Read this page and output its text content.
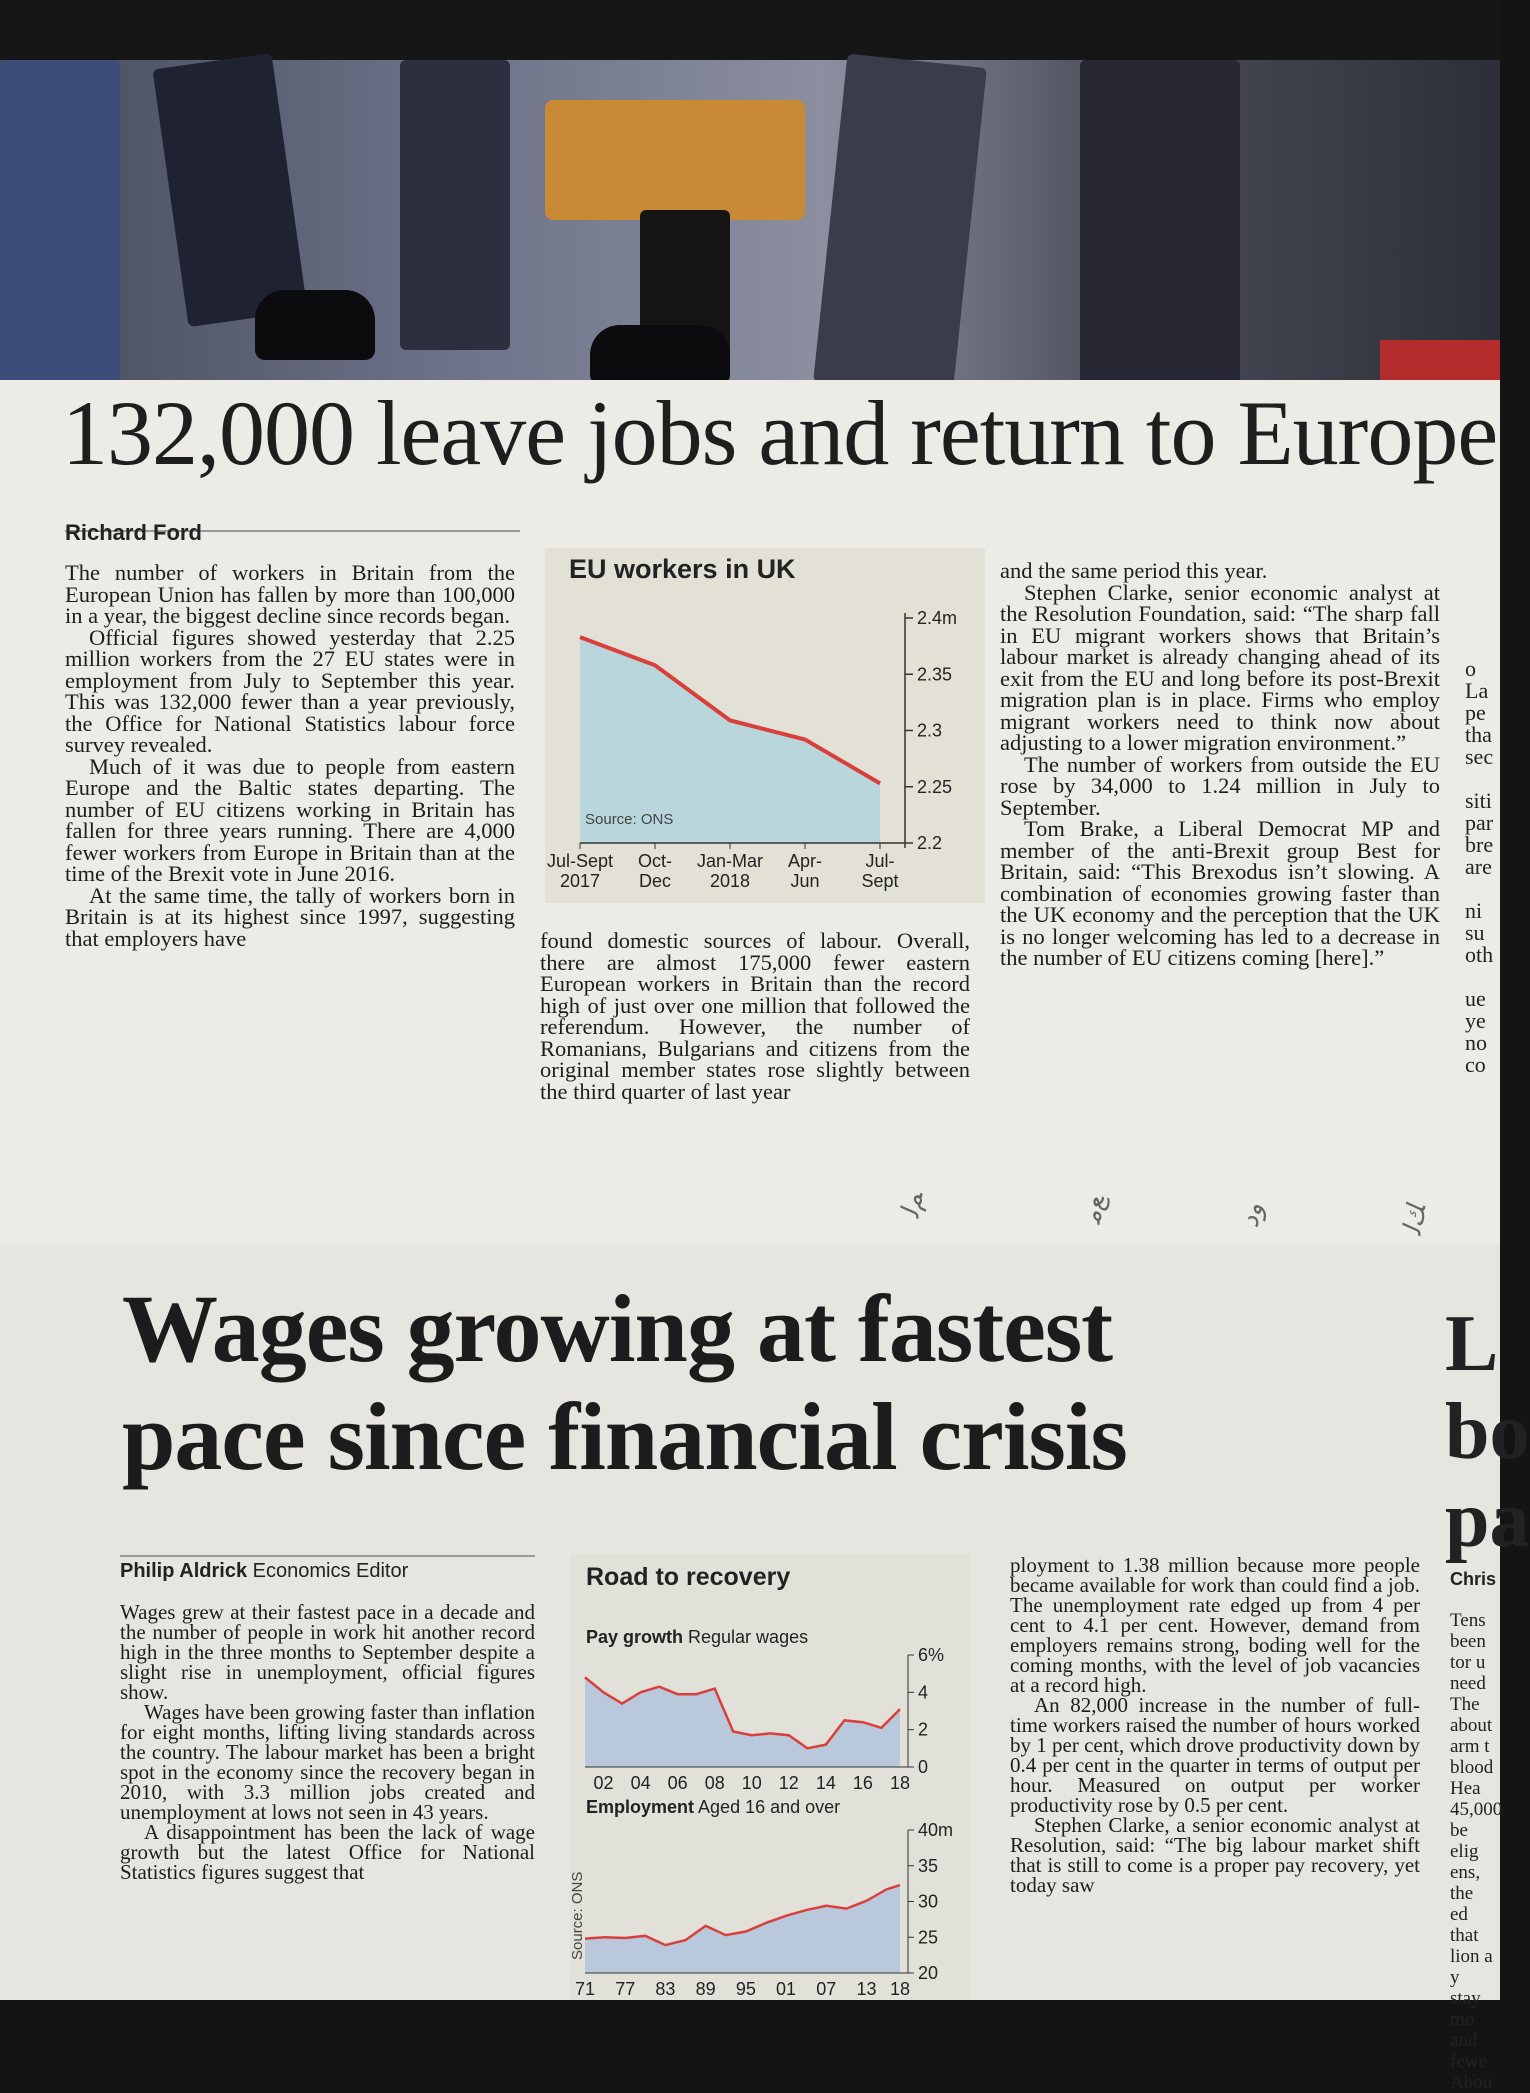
132,000 leave jobs and return to Europe
Richard Ford

The number of workers in Britain from the European Union has fallen by more than 100,000 in a year, the biggest decline since records began.

Official figures showed yesterday that 2.25 million workers from the 27 EU states were in employment from July to September this year. This was 132,000 fewer than a year previously, the Office for National Statistics labour force survey revealed.

Much of it was due to people from eastern Europe and the Baltic states departing. The number of EU citizens working in Britain has fallen for three years running. There are 4,000 fewer workers from Europe in Britain than at the time of the Brexit vote in June 2016.

At the same time, the tally of workers born in Britain is at its highest since 1997, suggesting that employers have

EU workers in UK
2.4m
2.35
2.3
2.25
2.2
Jul-Sept
2017
Oct-
Dec
Jan-Mar
2018
Apr-
Jun
Jul-
Sept
Source: ONS

found domestic sources of labour. Overall, there are almost 175,000 fewer eastern European workers in Britain than the record high of just over one million that followed the referendum. However, the number of Romanians, Bulgarians and citizens from the original member states rose slightly between the third quarter of last year

and the same period this year.

Stephen Clarke, senior economic analyst at the Resolution Foundation, said: “The sharp fall in EU migrant workers shows that Britain’s labour market is already changing ahead of its exit from the EU and long before its post-Brexit migration plan is in place. Firms who employ migrant workers need to think now about adjusting to a lower migration environment.”

The number of workers from outside the EU rose by 34,000 to 1.24 million in July to September.

Tom Brake, a Liberal Democrat MP and member of the anti-Brexit group Best for Britain, said: “This Brexodus isn’t slowing. A combination of economies growing faster than the UK economy and the perception that the UK is no longer welcoming has led to a decrease in the number of EU citizens coming [here].”

o
La
pe
tha
sec

siti
par
bre
are

ni
su
oth

ue
ye
no
co
ﻢﻟ	ﻊﻣ	ﻭﺩ	ﻚﻟ
Wages growing at fastest
pace since financial crisis
L
bo
pa
Philip Aldrick Economics Editor

Wages grew at their fastest pace in a decade and the number of people in work hit another record high in the three months to September despite a slight rise in unemployment, official figures show.

Wages have been growing faster than inflation for eight months, lifting living standards across the country. The labour market has been a bright spot in the economy since the recovery began in 2010, with 3.3 million jobs created and unemployment at lows not seen in 43 years.

A disappointment has been the lack of wage growth but the latest Office for National Statistics figures suggest that

Road to recovery
Pay growth Regular wages
6%
4
2
0
02 04 06 08 10 12 14 16 18
Employment Aged 16 and over
40m
35
30
25
20
71 77 83 89 95 01 07 13 18
Source: ONS

ployment to 1.38 million because more people became available for work than could find a job. The unemployment rate edged up from 4 per cent to 4.1 per cent. However, demand from employers remains strong, boding well for the coming months, with the level of job vacancies at a record high.

An 82,000 increase in the number of full-time workers raised the number of hours worked by 1 per cent, which drove productivity down by 0.4 per cent in the quarter in terms of output per hour. Measured on output per worker productivity rose by 0.5 per cent.

Stephen Clarke, a senior economic analyst at Resolution, said: “The big labour market shift that is still to come is a proper pay recovery, yet today saw

Chris
Tens
been
tor u
need
The
about
arm t
blood
Hea
45,000
be elig
ens, the
ed that
lion a y
stay mo
and fewe
Abou
